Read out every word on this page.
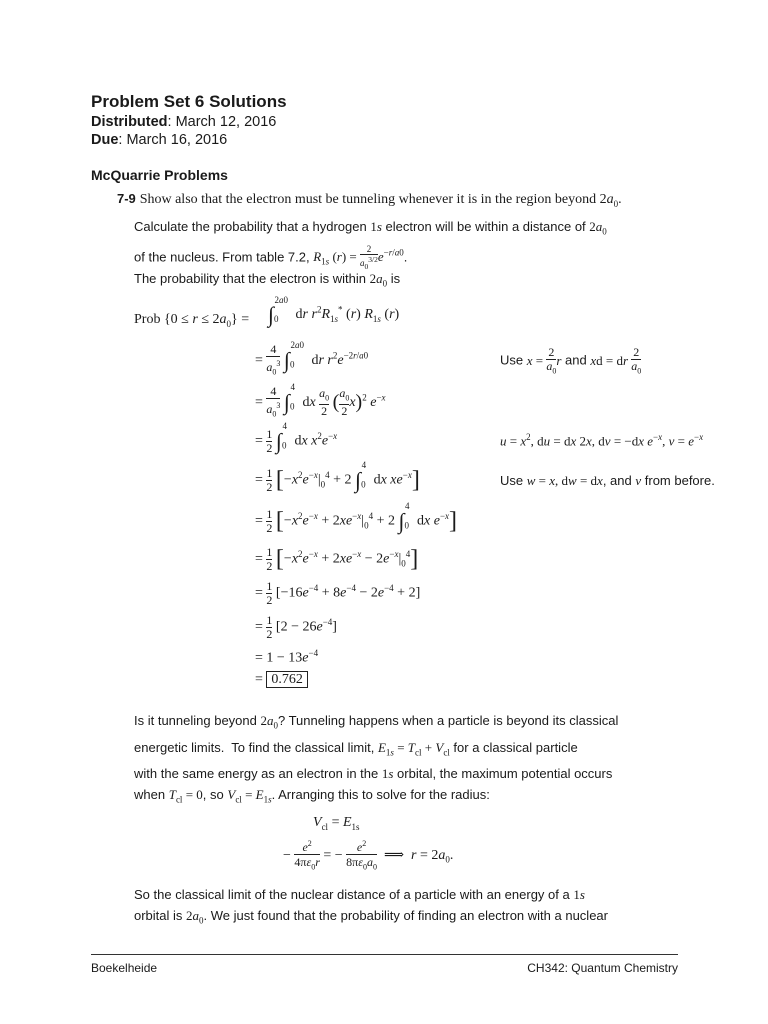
Problem Set 6 Solutions
Distributed: March 12, 2016
Due: March 16, 2016
McQuarrie Problems
7-9 Show also that the electron must be tunneling whenever it is in the region beyond $2a_0$.
Calculate the probability that a hydrogen 1s electron will be within a distance of $2a_0$
of the nucleus. From table 7.2, $R_{1s}$ $(r) = \frac{2}{a_0^{3/2}} e^{-r/a0}$.
The probability that the electron is within $2a_0$ is
Prob $\{0 \le r \le 2a_0\} = \int_0^{2a0}$ dr $r^2R_{1s}^*$ (r) $R_{1s}$ (r)
= $\frac{4}{a_0^3} \int_0^{2a0}$ dr $r^2e^{-2r/a0}$	Use $x = \frac{2}{a_0}$ r and xd = dr $\frac{2}{a_0}$
= $\frac{4}{a_0^3} \int_0^4$ dx $\frac{a_0}{2}$ ( $\frac{a_0}{2} x)^2$ $e^{-x}$
= $\frac{1}{2} \int_0^4$ dx $x^2e^{-x}$	$u = x^2$, du = dx 2x, dv = −dx $e^{-x}$, $v = e^{-x}$
= $\frac{1}{2} [-x^2e^{-x}|_0^4 + 2$ $\int_0^4$ dx $xe^{-x}$]	Use w = x, dw = dx, and v from before.
= $\frac{1}{2} [-x^2e^{-x} + 2xe^{-x}|_0^4 + 2$ $\int_0^4$ dx $e^{-x}$]
= $\frac{1}{2} [-x^2e^{-x} + 2xe^{-x} - 2e^{-x}|_0^4]$
= $\frac{1}{2} [-16e^{-4} + 8e^{-4} - 2e^{-4} + 2]$
= $\frac{1}{2} [2 - 26e^{-4}]$
= $1 - 13e^{-4}$
= 0.762
Is it tunneling beyond $2a_0$? Tunneling happens when a particle is beyond its classical
energetic limits.  To find the classical limit, $E_{1s} = T_{cl} + V_{cl}$ for a classical particle
with the same energy as an electron in the 1s orbital, the maximum potential occurs
when $T_{cl} = 0$, so $V_{cl} = E_{1s}$. Arranging this to solve for the radius:
$V_{cl} = E_{1s}$
− $\frac{e^2}{4\pi\varepsilon_0r}$ = − $\frac{e^2}{8\pi\varepsilon_0a_0}$ ⟹  $r = 2a_0$.
So the classical limit of the nuclear distance of a particle with an energy of a 1s
orbital is $2a_0$. We just found that the probability of finding an electron with a nuclear
Boekelheide	CH342: Quantum Chemistry
